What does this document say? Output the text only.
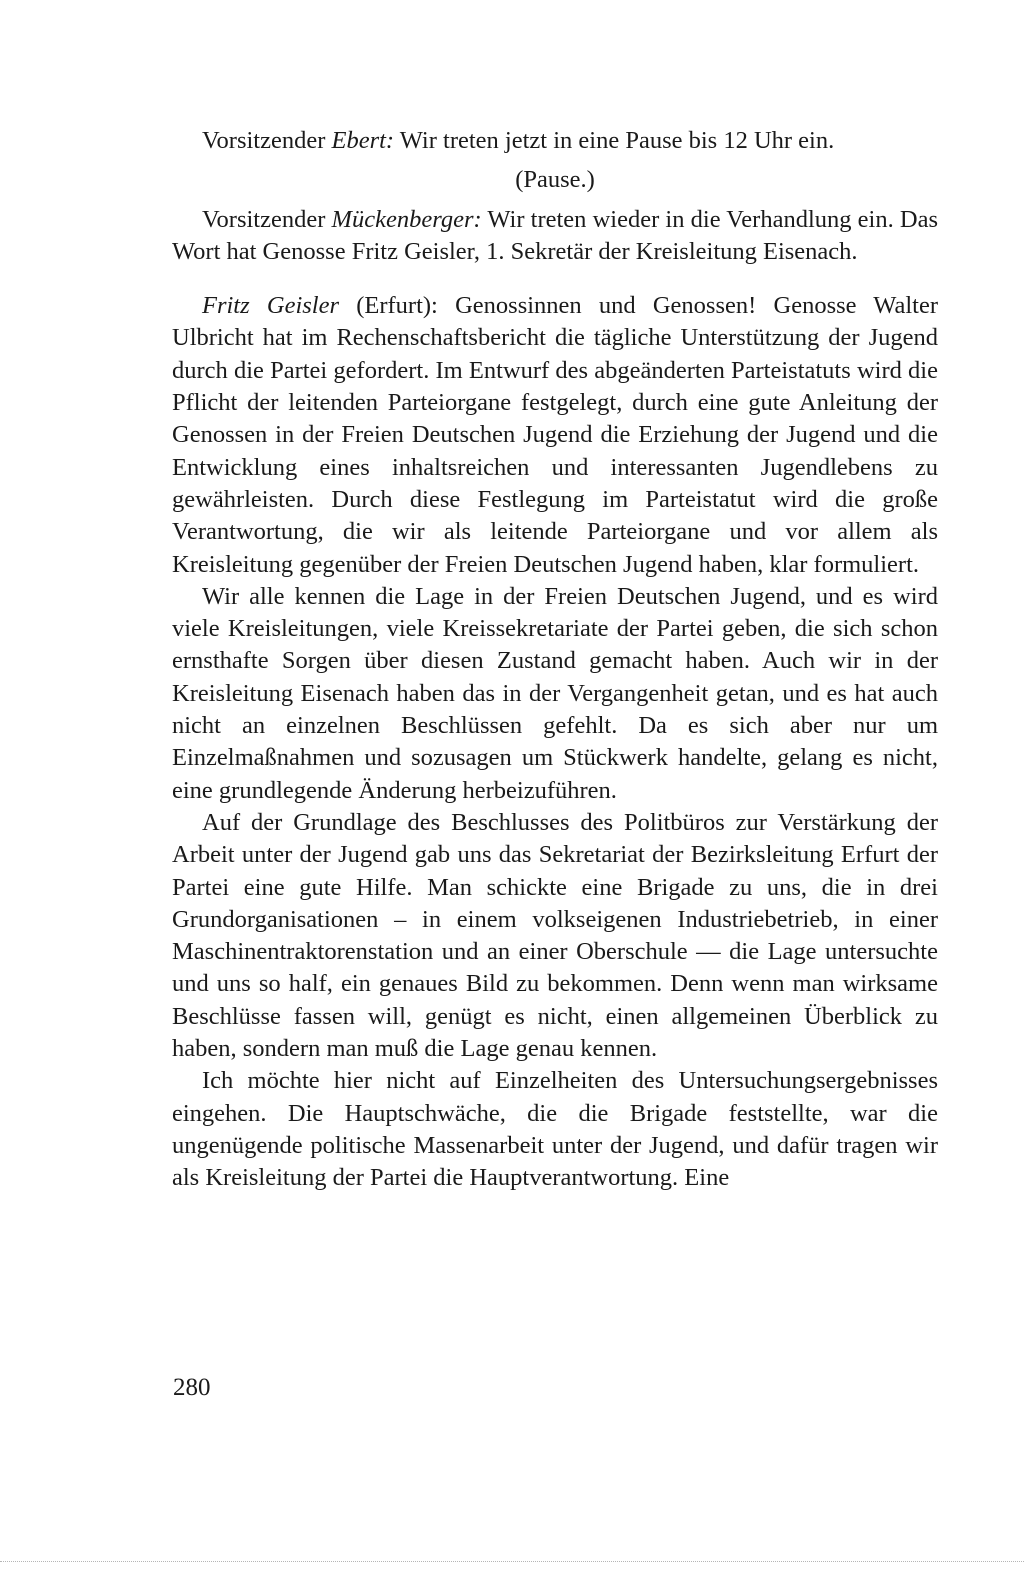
Vorsitzender Ebert: Wir treten jetzt in eine Pause bis 12 Uhr ein.

(Pause.)

Vorsitzender Mückenberger: Wir treten wieder in die Verhandlung ein. Das Wort hat Genosse Fritz Geisler, 1. Sekretär der Kreisleitung Eisenach.

Fritz Geisler (Erfurt): Genossinnen und Genossen! Genosse Walter Ulbricht hat im Rechenschaftsbericht die tägliche Unterstützung der Jugend durch die Partei gefordert. Im Entwurf des abgeänderten Parteistatuts wird die Pflicht der leitenden Parteiorgane festgelegt, durch eine gute Anleitung der Genossen in der Freien Deutschen Jugend die Erziehung der Jugend und die Entwicklung eines inhaltsreichen und interessanten Jugendlebens zu gewährleisten. Durch diese Festlegung im Parteistatut wird die große Verantwortung, die wir als leitende Parteiorgane und vor allem als Kreisleitung gegenüber der Freien Deutschen Jugend haben, klar formuliert.

Wir alle kennen die Lage in der Freien Deutschen Jugend, und es wird viele Kreisleitungen, viele Kreissekretariate der Partei geben, die sich schon ernsthafte Sorgen über diesen Zustand gemacht haben. Auch wir in der Kreisleitung Eisenach haben das in der Vergangenheit getan, und es hat auch nicht an einzelnen Beschlüssen gefehlt. Da es sich aber nur um Einzelmaßnahmen und sozusagen um Stückwerk handelte, gelang es nicht, eine grundlegende Änderung herbeizuführen.

Auf der Grundlage des Beschlusses des Politbüros zur Verstärkung der Arbeit unter der Jugend gab uns das Sekretariat der Bezirksleitung Erfurt der Partei eine gute Hilfe. Man schickte eine Brigade zu uns, die in drei Grundorganisationen – in einem volkseigenen Industriebetrieb, in einer Maschinentraktorenstation und an einer Oberschule — die Lage untersuchte und uns so half, ein genaues Bild zu bekommen. Denn wenn man wirksame Beschlüsse fassen will, genügt es nicht, einen allgemeinen Überblick zu haben, sondern man muß die Lage genau kennen.

Ich möchte hier nicht auf Einzelheiten des Untersuchungsergebnisses eingehen. Die Hauptschwäche, die die Brigade feststellte, war die ungenügende politische Massenarbeit unter der Jugend, und dafür tragen wir als Kreisleitung der Partei die Hauptverantwortung. Eine

280
